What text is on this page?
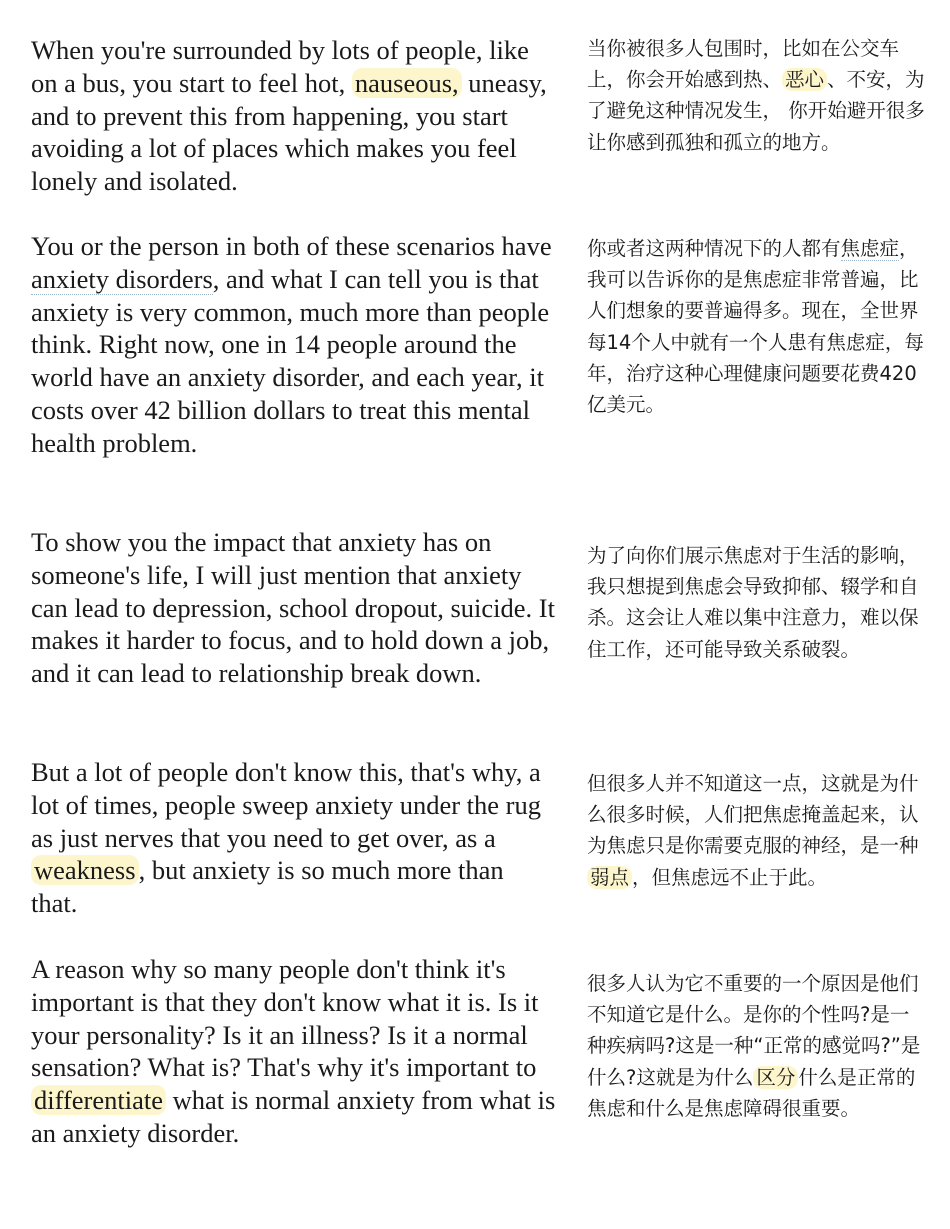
When you're surrounded by lots of people, like on a bus, you start to feel hot, nauseous, uneasy, and to prevent this from happening, you start avoiding a lot of places which makes you feel lonely and isolated.

You or the person in both of these scenarios have anxiety disorders, and what I can tell you is that anxiety is very common, much more than people think. Right now, one in 14 people around the world have an anxiety disorder, and each year, it costs over 42 billion dollars to treat this mental health problem.

To show you the impact that anxiety has on someone's life, I will just mention that anxiety can lead to depression, school dropout, suicide. It makes it harder to focus, and to hold down a job, and it can lead to relationship break down.

But a lot of people don't know this, that's why, a lot of times, people sweep anxiety under the rug as just nerves that you need to get over, as a weakness , but anxiety is so much more than that.

A reason why so many people don't think it's important is that they don't know what it is. Is it your personality? Is it an illness? Is it a normal sensation? What is? That's why it's important to differentiate what is normal anxiety from what is an anxiety disorder.

当你被很多人包围时，比如在公交车上，你会开始感到热、 恶心 、不安，为了避免这种情况发生， 你开始避开很多让你感到孤独和孤立的地方。

你或者这两种情况下的人都有焦虑症，我可以告诉你的是焦虑症非常普遍，比人们想象的要普遍得多。现在，全世界每14个人中就有一个人患有焦虑症，每年，治疗这种心理健康问题要花费420亿美元。

为了向你们展示焦虑对于生活的影响，我只想提到焦虑会导致抑郁、辍学和自杀。这会让人难以集中注意力，难以保住工作，还可能导致关系破裂。

但很多人并不知道这一点，这就是为什么很多时候，人们把焦虑掩盖起来，认为焦虑只是你需要克服的神经，是一种弱点 ，但焦虑远不止于此。

很多人认为它不重要的一个原因是他们不知道它是什么。是你的个性吗?是一种疾病吗?这是一种“正常的感觉吗?”是什么?这就是为什么 区分 什么是正常的焦虑和什么是焦虑障碍很重要。
